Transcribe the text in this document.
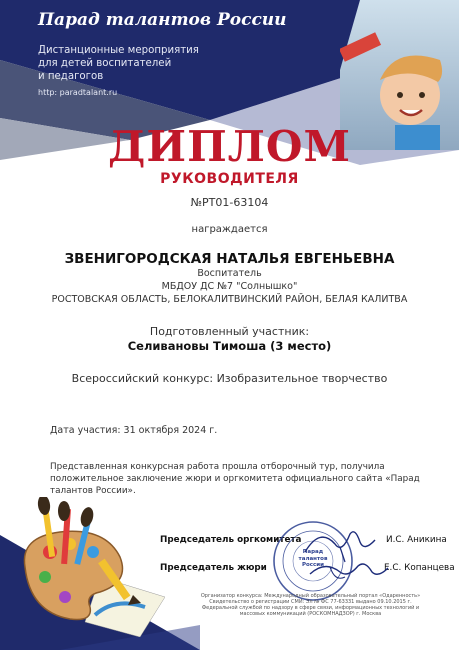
Парад талантов России
Дистанционные мероприятия
для детей воспитателей
и педагогов
http: paradtalant.ru
ДИПЛОМ
РУКОВОДИТЕЛЯ
№РТ01-63104
награждается
ЗВЕНИГОРОДСКАЯ НАТАЛЬЯ ЕВГЕНЬЕВНА
Воспитатель
МБДОУ ДС №7 "Солнышко"
РОСТОВСКАЯ ОБЛАСТЬ, БЕЛОКАЛИТВИНСКИЙ РАЙОН, БЕЛАЯ КАЛИТВА
Подготовленный участник:
Селивановы Тимоша (3 место)
Всероссийский конкурс: Изобразительное творчество
Дата участия: 31 октября 2024 г.
Представленная конкурсная работа прошла отборочный тур, получила положительное заключение жюри и оргкомитета официального сайта «Парад талантов России».
Председатель оргкомитета	И.С. Аникина
Председатель жюри	Е.С. Копанцева
Парад
талантов
России
Организатор конкурса: Международный образовательный портал «Одаренность» Свидетельство о регистрации СМИ: Эл № ФС 77-63331 выдано 09.10.2015 г. Федеральной службой по надзору в сфере связи, информационных технологий и массовых коммуникаций (РОСКОМНАДЗОР) г. Москва
